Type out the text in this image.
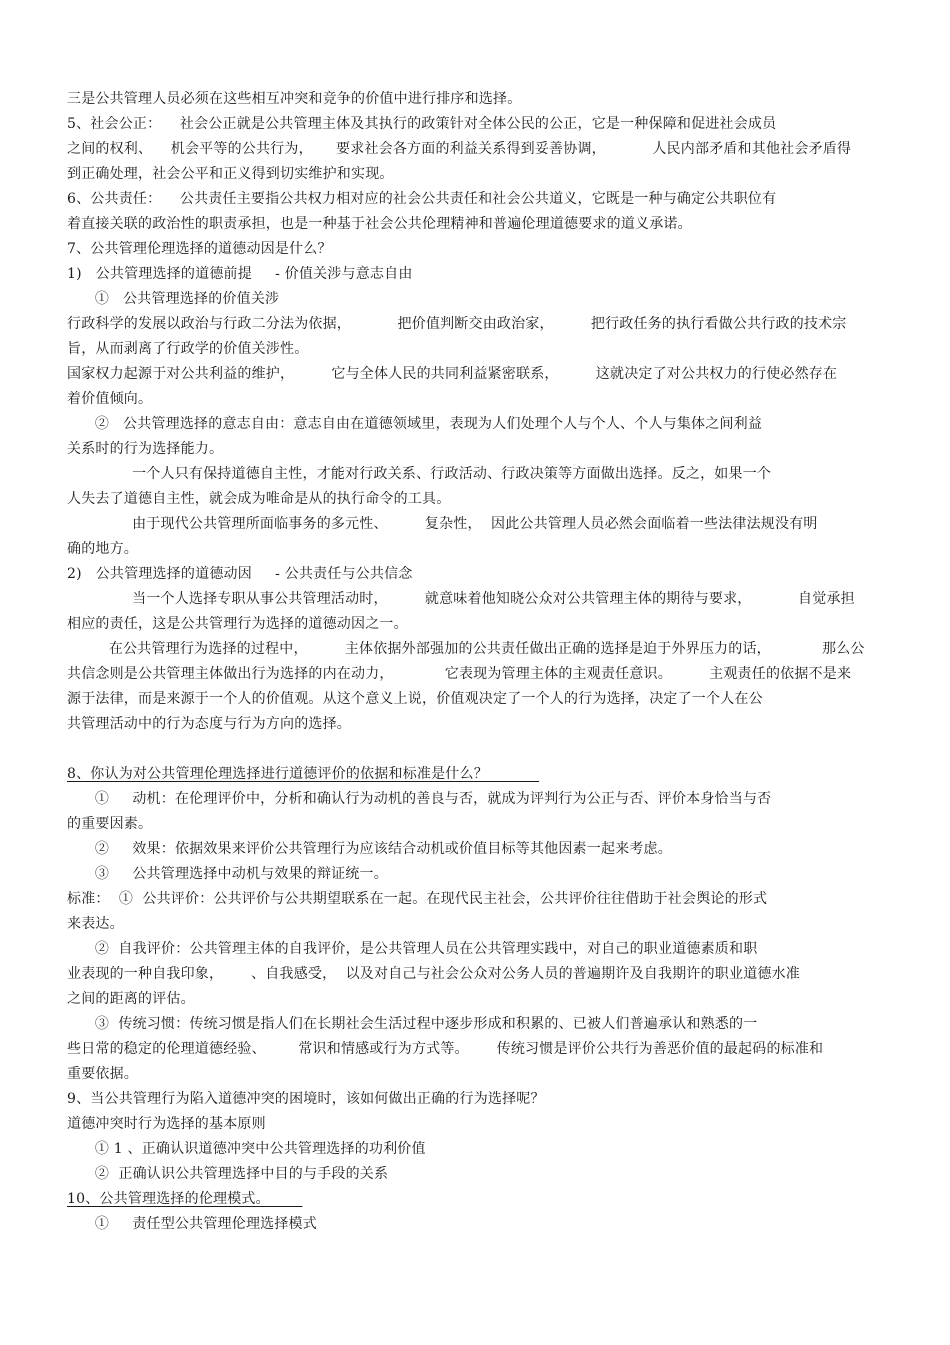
三是公共管理人员必须在这些相互冲突和竞争的价值中进行排序和选择。
5、社会公正：    社会公正就是公共管理主体及其执行的政策针对全体公民的公正，它是一种保障和促进社会成员
之间的权利、    机会平等的公共行为，     要求社会各方面的利益关系得到妥善协调，          人民内部矛盾和其他社会矛盾得
到正确处理，社会公平和正义得到切实维护和实现。
6、公共责任：    公共责任主要指公共权力相对应的社会公共责任和社会公共道义，它既是一种与确定公共职位有
着直接关联的政治性的职责承担，也是一种基于社会公共伦理精神和普遍伦理道德要求的道义承诺。
7、公共管理伦理选择的道德动因是什么？
1)   公共管理选择的道德前提     - 价值关涉与意志自由
①   公共管理选择的价值关涉
行政科学的发展以政治与行政二分法为依据，          把价值判断交由政治家，        把行政任务的执行看做公共行政的技术宗
旨，从而剥离了行政学的价值关涉性。
国家权力起源于对公共利益的维护，        它与全体人民的共同利益紧密联系，        这就决定了对公共权力的行使必然存在
着价值倾向。
②   公共管理选择的意志自由：意志自由在道德领域里，表现为人们处理个人与个人、个人与集体之间利益
关系时的行为选择能力。
一个人只有保持道德自主性，才能对行政关系、行政活动、行政决策等方面做出选择。反之，如果一个
人失去了道德自主性，就会成为唯命是从的执行命令的工具。
由于现代公共管理所面临事务的多元性、        复杂性，  因此公共管理人员必然会面临着一些法律法规没有明
确的地方。
2)   公共管理选择的道德动因     - 公共责任与公共信念
当一个人选择专职从事公共管理活动时，        就意味着他知晓公众对公共管理主体的期待与要求，          自觉承担
相应的责任，这是公共管理行为选择的道德动因之一。
在公共管理行为选择的过程中，        主体依据外部强加的公共责任做出正确的选择是迫于外界压力的话，           那么公
共信念则是公共管理主体做出行为选择的内在动力，           它表现为管理主体的主观责任意识。        主观责任的依据不是来
源于法律，而是来源于一个人的价值观。从这个意义上说，价值观决定了一个人的行为选择，决定了一个人在公
共管理活动中的行为态度与行为方向的选择。
8、你认为对公共管理伦理选择进行道德评价的依据和标准是什么？
①     动机：在伦理评价中，分析和确认行为动机的善良与否，就成为评判行为公正与否、评价本身恰当与否
的重要因素。
②     效果：依据效果来评价公共管理行为应该结合动机或价值目标等其他因素一起来考虑。
③     公共管理选择中动机与效果的辩证统一。
标准：  ①  公共评价：公共评价与公共期望联系在一起。在现代民主社会，公共评价往往借助于社会舆论的形式
来表达。
②  自我评价：公共管理主体的自我评价，是公共管理人员在公共管理实践中，对自己的职业道德素质和职
业表现的一种自我印象，      、自我感受，  以及对自己与社会公众对公务人员的普遍期许及自我期许的职业道德水准
之间的距离的评估。
③  传统习惯：传统习惯是指人们在长期社会生活过程中逐步形成和积累的、已被人们普遍承认和熟悉的一
些日常的稳定的伦理道德经验、       常识和情感或行为方式等。      传统习惯是评价公共行为善恶价值的最起码的标准和
重要依据。
9、当公共管理行为陷入道德冲突的困境时，该如何做出正确的行为选择呢？
道德冲突时行为选择的基本原则
① 1 、正确认识道德冲突中公共管理选择的功利价值
②  正确认识公共管理选择中目的与手段的关系
10、公共管理选择的伦理模式。
①     责任型公共管理伦理选择模式
